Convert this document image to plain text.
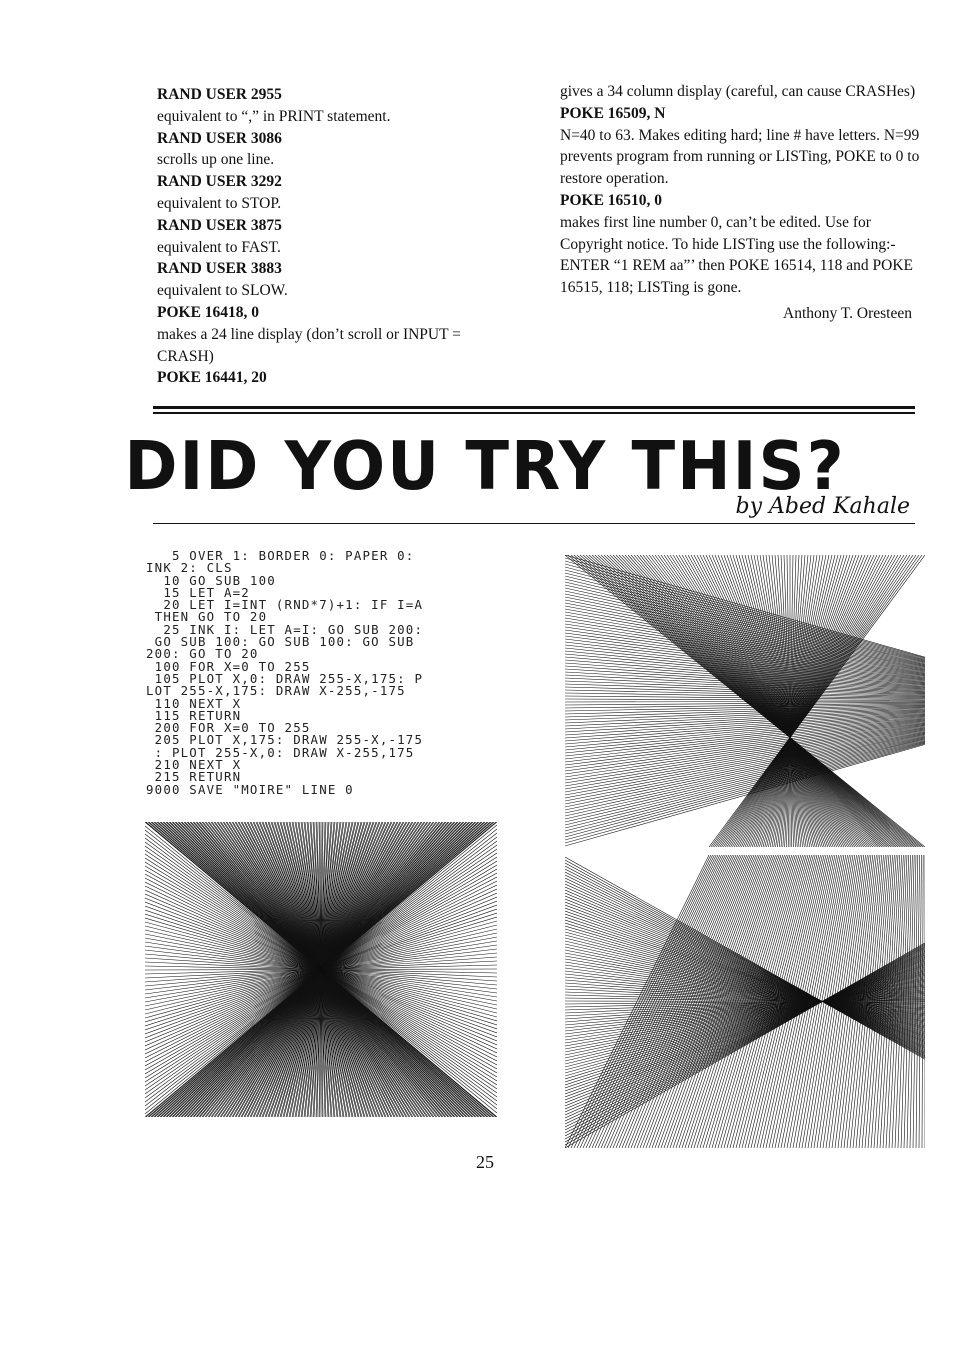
RAND USER 2955

equivalent to “,” in PRINT statement.

RAND USER 3086

scrolls up one line.

RAND USER 3292

equivalent to STOP.

RAND USER 3875

equivalent to FAST.

RAND USER 3883

equivalent to SLOW.

POKE 16418, 0

makes a 24 line display (don’t scroll or INPUT = CRASH)

POKE 16441, 20

gives a 34 column display (careful, can cause CRASHes)

POKE 16509, N

N=40 to 63. Makes editing hard; line # have letters. N=99 prevents program from running or LISTing, POKE to 0 to restore operation.

POKE 16510, 0

makes first line number 0, can’t be edited. Use for Copyright notice. To hide LISTing use the following:- ENTER “1 REM aa”’ then POKE 16514, 118 and POKE 16515, 118; LISTing is gone.

Anthony T. Oresteen

DID YOU TRY THIS?
by Abed Kahale
5 OVER 1: BORDER 0: PAPER 0:
INK 2: CLS
10 GO SUB 100
15 LET A=2
20 LET I=INT (RND*7)+1: IF I=A
THEN GO TO 20
25 INK I: LET A=I: GO SUB 200:
GO SUB 100: GO SUB 100: GO SUB
200: GO TO 20
100 FOR X=0 TO 255
105 PLOT X,0: DRAW 255-X,175: P
LOT 255-X,175: DRAW X-255,-175
110 NEXT X
115 RETURN
200 FOR X=0 TO 255
205 PLOT X,175: DRAW 255-X,-175
: PLOT 255-X,0: DRAW X-255,175
210 NEXT X
215 RETURN
9000 SAVE "MOIRE" LINE 0

25
